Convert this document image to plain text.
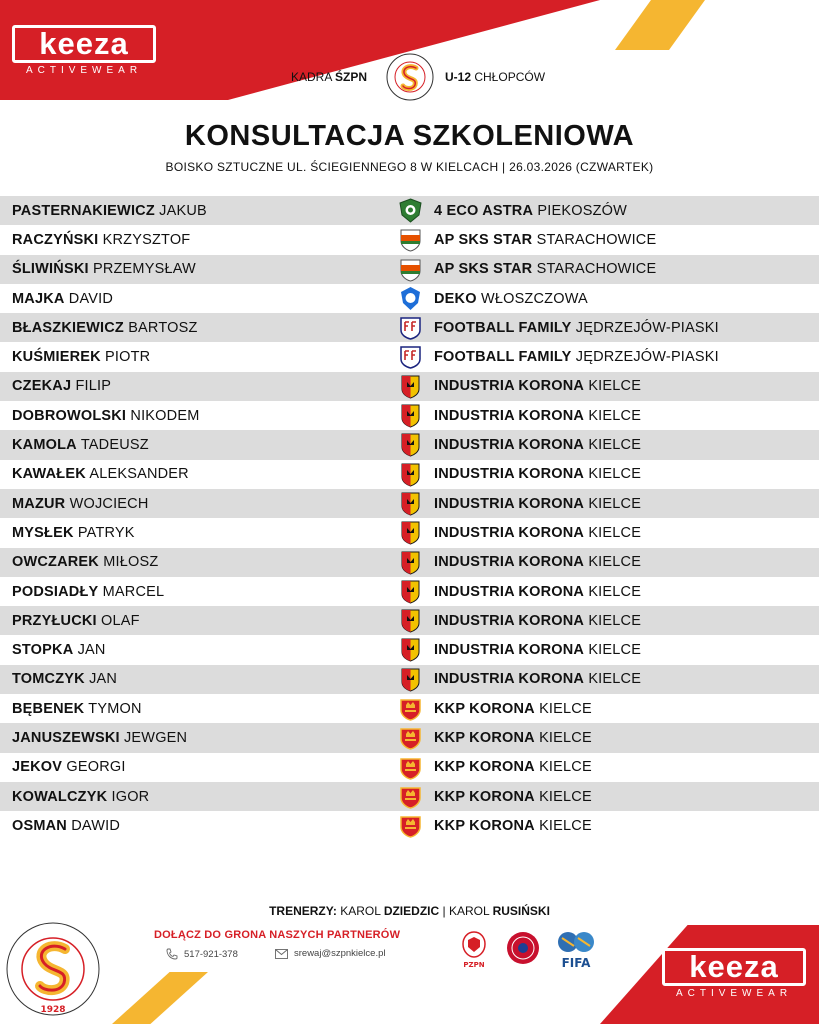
keeza
ACTIVEWEAR	KADRA ŚZPN	U-12 CHŁOPCÓW
KONSULTACJA SZKOLENIOWA
BOISKO SZTUCZNE UL. ŚCIEGIENNEGO 8 W KIELCACH | 26.03.2026 (CZWARTEK)
PASTERNAKIEWICZ JAKUB	4 ECO ASTRA PIEKOSZÓW
RACZYŃSKI KRZYSZTOF	AP SKS STAR STARACHOWICE
ŚLIWIŃSKI PRZEMYSŁAW	AP SKS STAR STARACHOWICE
MAJKA DAVID	DEKO WŁOSZCZOWA
BŁASZKIEWICZ BARTOSZ	FOOTBALL FAMILY JĘDRZEJÓW-PIASKI
KUŚMIEREK PIOTR	FOOTBALL FAMILY JĘDRZEJÓW-PIASKI
CZEKAJ FILIP	INDUSTRIA KORONA KIELCE
DOBROWOLSKI NIKODEM	INDUSTRIA KORONA KIELCE
KAMOLA TADEUSZ	INDUSTRIA KORONA KIELCE
KAWAŁEK ALEKSANDER	INDUSTRIA KORONA KIELCE
MAZUR WOJCIECH	INDUSTRIA KORONA KIELCE
MYSŁEK PATRYK	INDUSTRIA KORONA KIELCE
OWCZAREK MIŁOSZ	INDUSTRIA KORONA KIELCE
PODSIADŁY MARCEL	INDUSTRIA KORONA KIELCE
PRZYŁUCKI OLAF	INDUSTRIA KORONA KIELCE
STOPKA JAN	INDUSTRIA KORONA KIELCE
TOMCZYK JAN	INDUSTRIA KORONA KIELCE
BĘBENEK TYMON	KKP KORONA KIELCE
JANUSZEWSKI JEWGEN	KKP KORONA KIELCE
JEKOV GEORGI	KKP KORONA KIELCE
KOWALCZYK IGOR	KKP KORONA KIELCE
OSMAN DAWID	KKP KORONA KIELCE
TRENERZY: KAROL DZIEDZIC | KAROL RUSIŃSKI
1928
DOŁĄCZ DO GRONA NASZYCH PARTNERÓW
517-921-378	srewaj@szpnkielce.pl
PZPN	FIFA	keeza
ACTIVEWEAR
